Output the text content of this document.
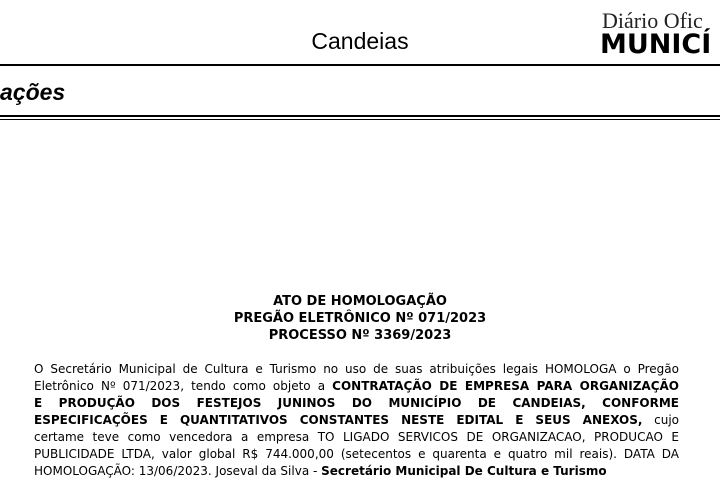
Candeias
Diário Ofic
MUNICÍ
ações
ATO DE HOMOLOGAÇÃO
PREGÃO ELETRÔNICO Nº 071/2023
PROCESSO Nº 3369/2023
O Secretário Municipal de Cultura e Turismo no uso de suas atribuições legais HOMOLOGA o Pregão
Eletrônico Nº 071/2023, tendo como objeto a CONTRATAÇÃO DE EMPRESA PARA ORGANIZAÇÃO
E PRODUÇÃO DOS FESTEJOS JUNINOS DO MUNICÍPIO DE CANDEIAS, CONFORME
ESPECIFICAÇÕES E QUANTITATIVOS CONSTANTES NESTE EDITAL E SEUS ANEXOS, cujo
certame teve como vencedora a empresa TO LIGADO SERVICOS DE ORGANIZACAO, PRODUCAO E
PUBLICIDADE LTDA, valor global R$ 744.000,00 (setecentos e quarenta e quatro mil reais). DATA DA
HOMOLOGAÇÃO: 13/06/2023. Joseval da Silva - Secretário Municipal De Cultura e Turismo
